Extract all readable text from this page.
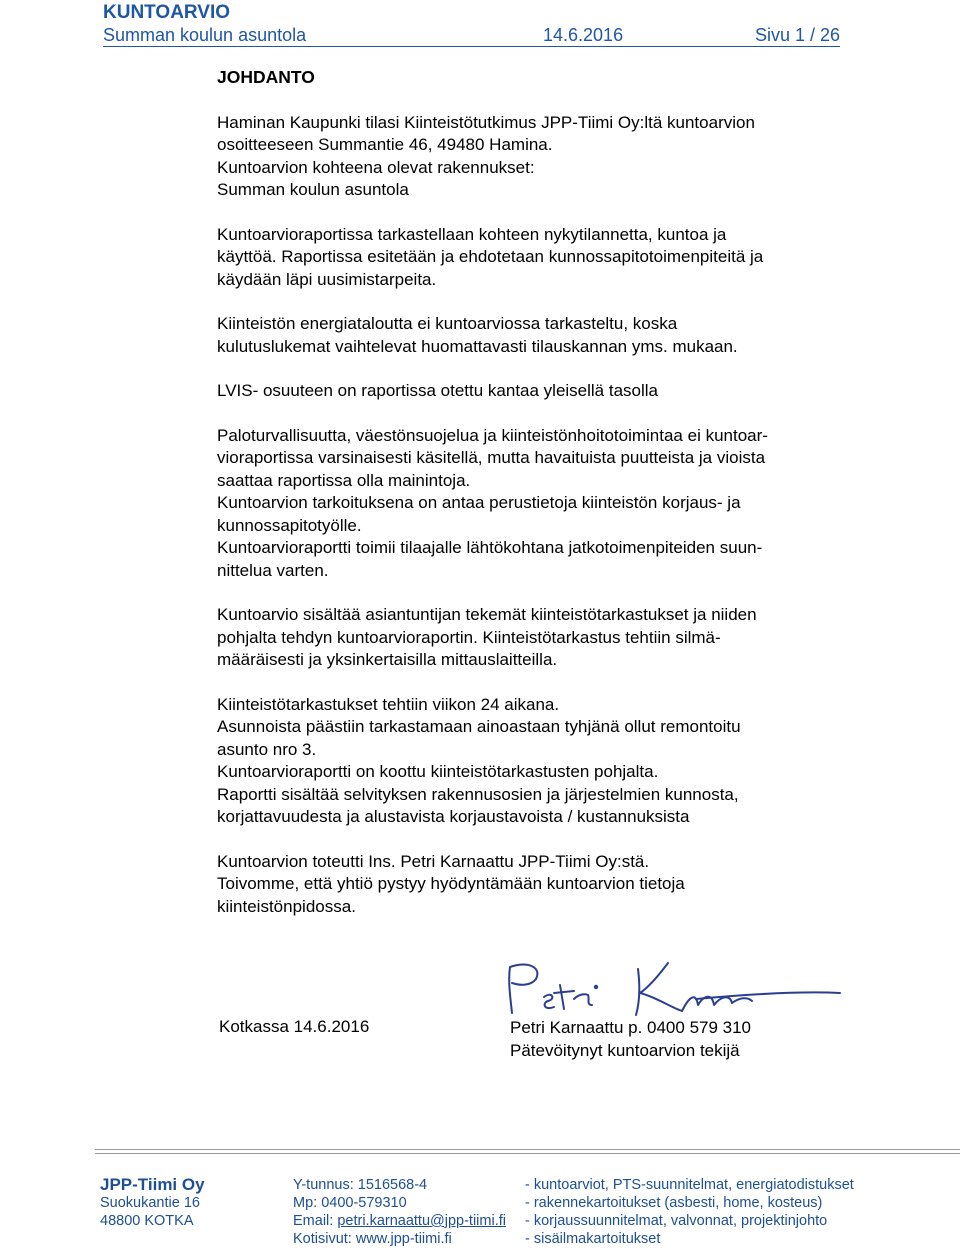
KUNTOARVIO
Summan koulun asuntola	14.6.2016	Sivu 1 / 26
JOHDANTO
Haminan Kaupunki tilasi Kiinteistötutkimus JPP-Tiimi Oy:ltä kuntoarvion
osoitteeseen Summantie 46, 49480 Hamina.
Kuntoarvion kohteena olevat rakennukset:
Summan koulun asuntola
Kuntoarvioraportissa tarkastellaan kohteen nykytilannetta, kuntoa ja
käyttöä. Raportissa esitetään ja ehdotetaan kunnossapitotoimenpiteitä ja
käydään läpi uusimistarpeita.
Kiinteistön energiataloutta ei kuntoarviossa tarkasteltu, koska
kulutuslukemat vaihtelevat huomattavasti tilauskannan yms. mukaan.
LVIS- osuuteen on raportissa otettu kantaa yleisellä tasolla
Paloturvallisuutta, väestönsuojelua ja kiinteistönhoitotoimintaa ei kuntoar-
vioraportissa varsinaisesti käsitellä, mutta havaituista puutteista ja vioista
saattaa raportissa olla mainintoja.
Kuntoarvion tarkoituksena on antaa perustietoja kiinteistön korjaus- ja
kunnossapitotyölle.
Kuntoarvioraportti toimii tilaajalle lähtökohtana jatkotoimenpiteiden suun-
nittelua varten.
Kuntoarvio sisältää asiantuntijan tekemät kiinteistötarkastukset ja niiden
pohjalta tehdyn kuntoarvioraportin. Kiinteistötarkastus tehtiin silmä-
määräisesti ja yksinkertaisilla mittauslaitteilla.
Kiinteistötarkastukset tehtiin viikon 24 aikana.
Asunnoista päästiin tarkastamaan ainoastaan tyhjänä ollut remontoitu
asunto nro 3.
Kuntoarvioraportti on koottu kiinteistötarkastusten pohjalta.
Raportti sisältää selvityksen rakennusosien ja järjestelmien kunnosta,
korjattavuudesta ja alustavista korjaustavoista / kustannuksista
Kuntoarvion toteutti Ins. Petri Karnaattu JPP-Tiimi Oy:stä.
Toivomme, että yhtiö pystyy hyödyntämään kuntoarvion tietoja
kiinteistönpidossa.
Kotkassa 14.6.2016	Petri Karnaattu p. 0400 579 310
Pätevöitynyt kuntoarvion tekijä
JPP-Tiimi Oy
Suokukantie 16
48800 KOTKA
Y-tunnus: 1516568-4
Mp: 0400-579310
Email: petri.karnaattu@jpp-tiimi.fi
Kotisivut: www.jpp-tiimi.fi
- kuntoarviot, PTS-suunnitelmat, energiatodistukset
- rakennekartoitukset (asbesti, home, kosteus)
- korjaussuunnitelmat, valvonnat, projektinjohto
- sisäilmakartoitukset
